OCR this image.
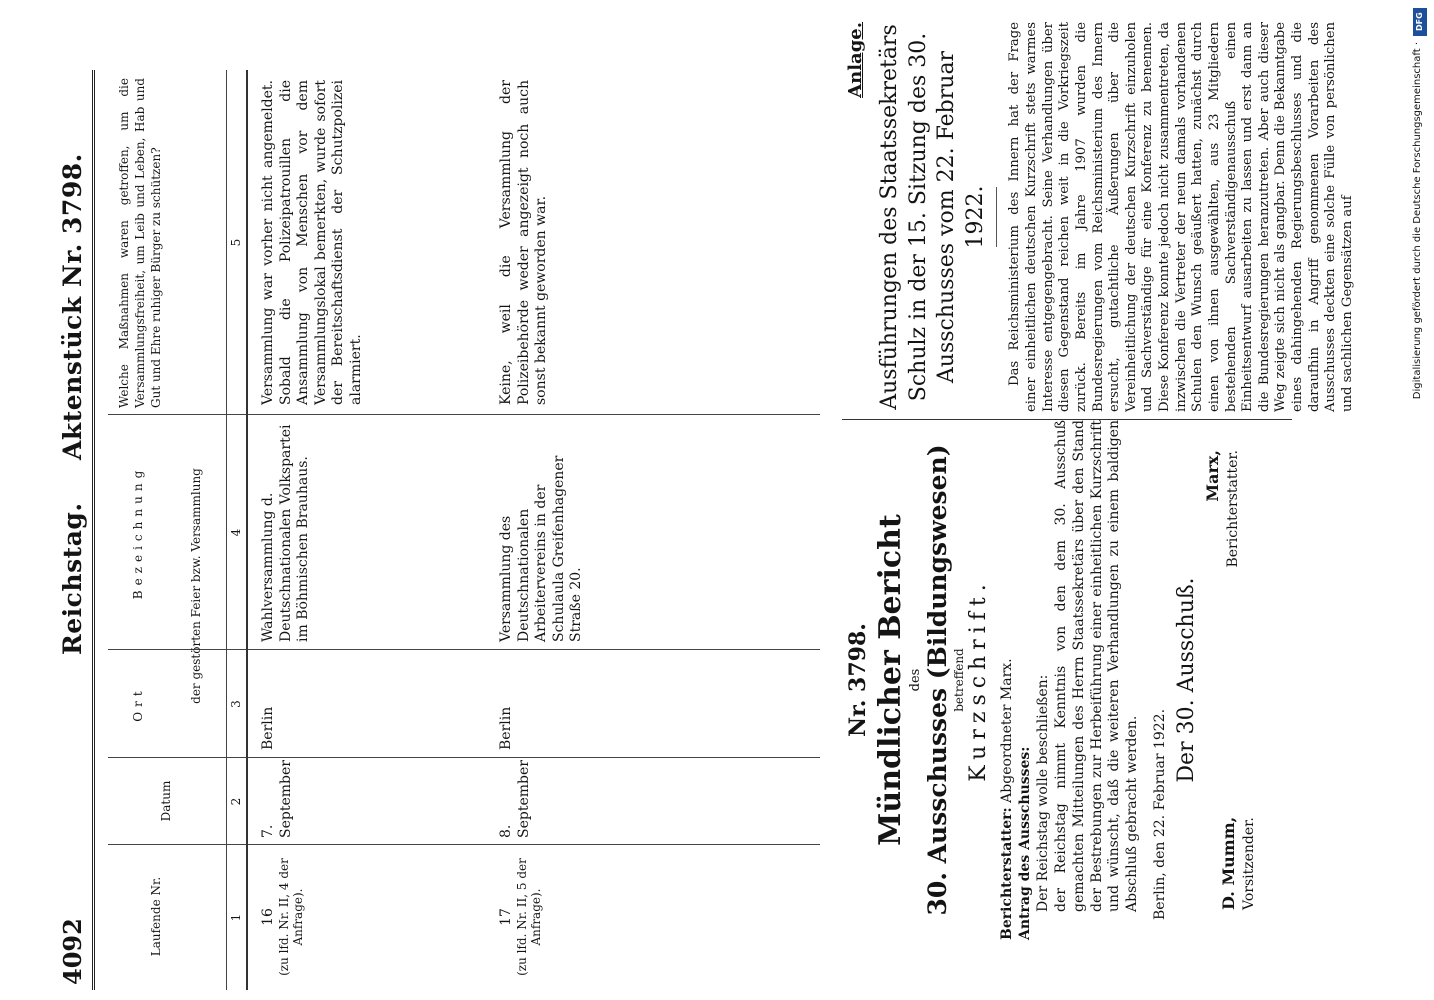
4092
Reichstag.
Aktenstück Nr. 3798.
Laufende Nr.
Datum
Ort
Bezeichnung	der gestörten Feier bzw. Versammlung
Welche Maßnahmen waren getroffen, um die Versammlungsfreiheit, um Leib und Leben, Hab und Gut und Ehre ruhiger Bürger zu schützen?
1
2
3
4
5
16 (zu lfd. Nr. II, 4 der Anfrage).
7. September
Berlin
Wahlversammlung d. Deutschnationalen Volkspartei im Böhmischen Brauhaus.
Versammlung war vorher nicht angemeldet. Sobald die Polizeipatrouillen die Ansammlung von Menschen vor dem Versammlungslokal bemerkten, wurde sofort der Bereitschaftsdienst der Schutzpolizei alarmiert.
17 (zu lfd. Nr. II, 5 der Anfrage).
8. September
Berlin
Versammlung des Deutschnationalen Arbeitervereins in der Schulaula Greifenhagener Straße 20.
Keine, weil die Versammlung der Polizeibehörde weder angezeigt noch auch sonst bekannt geworden war.
Nr. 3798. Mündlicher Bericht des 30. Ausschusses (Bildungswesen) betreffend Kurzschrift.
Berichterstatter: Abgeordneter Marx.
Antrag des Ausschusses: Der Reichstag wolle beschließen: der Reichstag nimmt Kenntnis von den dem 30. Ausschuß gemachten Mitteilungen des Herrn Staatssekretärs über den Stand der Bestrebungen zur Herbeiführung einer einheitlichen Kurzschrift und wünscht, daß die weiteren Verhandlungen zu einem baldigen Abschluß gebracht werden. Berlin, den 22. Februar 1922.
Der 30. Ausschuß.
D. Mumm, Vorsitzender.
Marx, Berichterstatter.
Anlage. Ausführungen des Staatssekretärs Schulz in der 15. Sitzung des 30. Ausschusses vom 22. Februar 1922. Das Reichsministerium des Innern hat der Frage einer einheitlichen deutschen Kurzschrift stets warmes Interesse entgegengebracht. Seine Verhandlungen über diesen Gegenstand reichen weit in die Vorkriegszeit zurück. Bereits im Jahre 1907 wurden die Bundesregierungen vom Reichsministerium des Innern ersucht, gutachtliche Äußerungen über die Vereinheitlichung der deutschen Kurzschrift einzuholen und Sachverständige für eine Konferenz zu benennen. Diese Konferenz konnte jedoch nicht zusammentreten, da inzwischen die Vertreter der neun damals vorhandenen Schulen den Wunsch geäußert hatten, zunächst durch einen von ihnen ausgewählten, aus 23 Mitgliedern bestehenden Sachverständigenausschuß einen Einheitsentwurf ausarbeiten zu lassen und erst dann an die Bundesregierungen heranzutreten. Aber auch dieser Weg zeigte sich nicht als gangbar. Denn die Bekanntgabe eines dahingehenden Regierungsbeschlusses und die daraufhin in Angriff genommenen Vorarbeiten des Ausschusses deckten eine solche Fülle von persönlichen und sachlichen Gegensätzen auf
DFG
Digitalisierung gefördert durch die Deutsche Forschungsgemeinschaft ·
